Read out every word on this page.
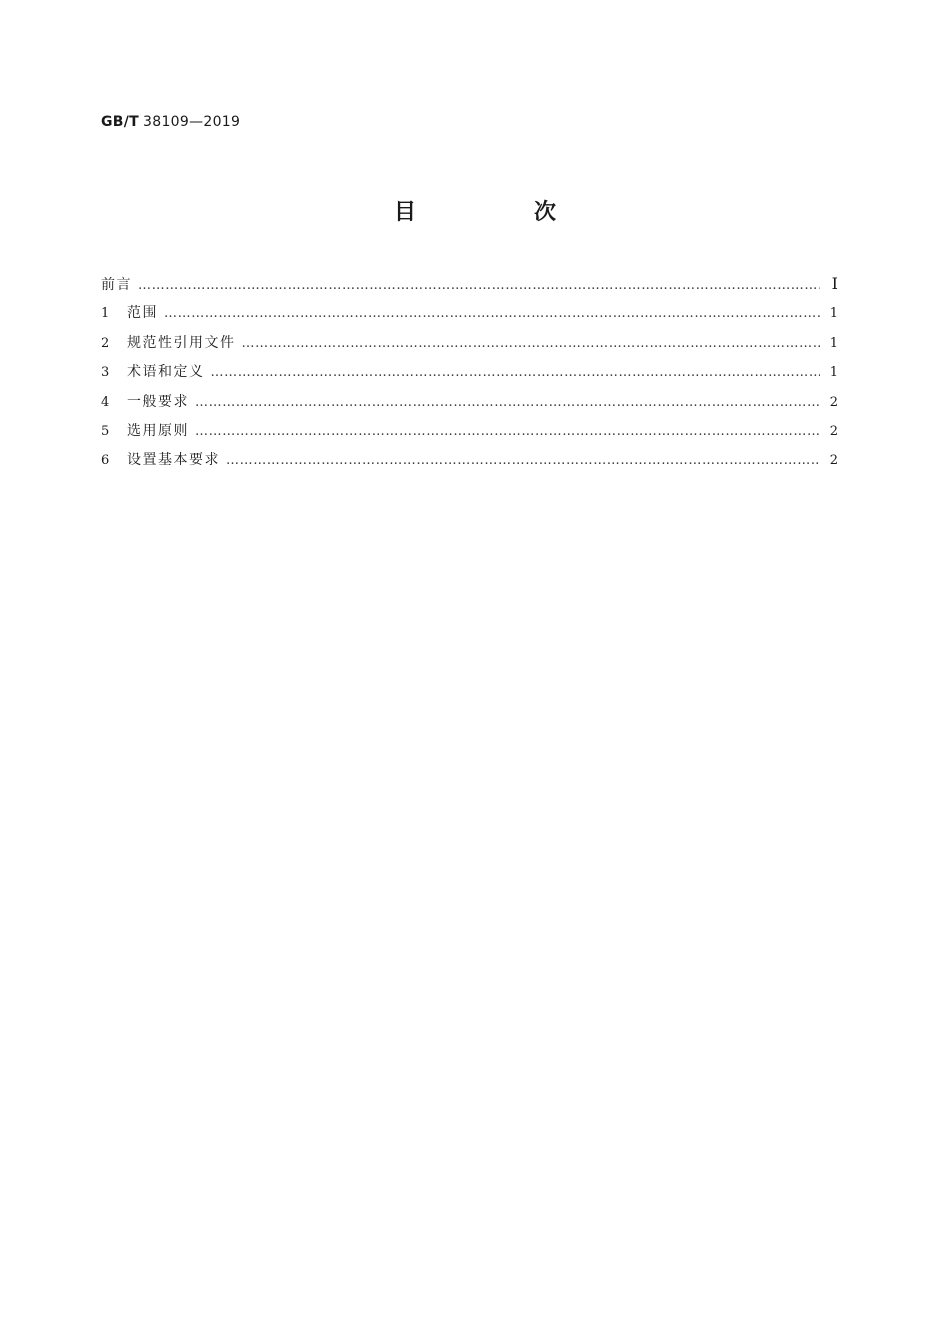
GB/T 38109—2019
目　次
前言 ……………………………………………………………………………………………………………………………………………………………………………………………………………………………………………	Ⅰ
1	范围 ……………………………………………………………………………………………………………………………………………………………………………………………………………………………………………	1
2	规范性引用文件 ……………………………………………………………………………………………………………………………………………………………………………………………………………………………………………	1
3	术语和定义 ……………………………………………………………………………………………………………………………………………………………………………………………………………………………………………	1
4	一般要求 ……………………………………………………………………………………………………………………………………………………………………………………………………………………………………………	2
5	选用原则 ……………………………………………………………………………………………………………………………………………………………………………………………………………………………………………	2
6	设置基本要求 ……………………………………………………………………………………………………………………………………………………………………………………………………………………………………………	2
